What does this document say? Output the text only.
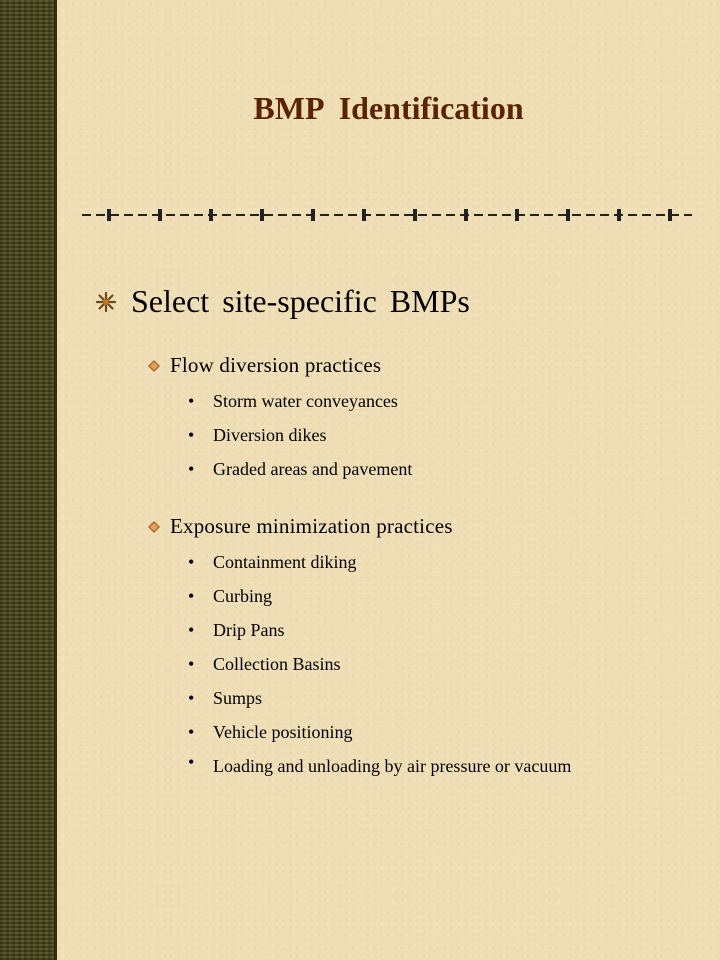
BMP Identification
Select site-specific BMPs
Flow diversion practices
• Storm water conveyances
• Diversion dikes
• Graded areas and pavement
Exposure minimization practices
• Containment diking
• Curbing
• Drip Pans
• Collection Basins
• Sumps
• Vehicle positioning
• Loading and unloading by air pressure or vacuum
